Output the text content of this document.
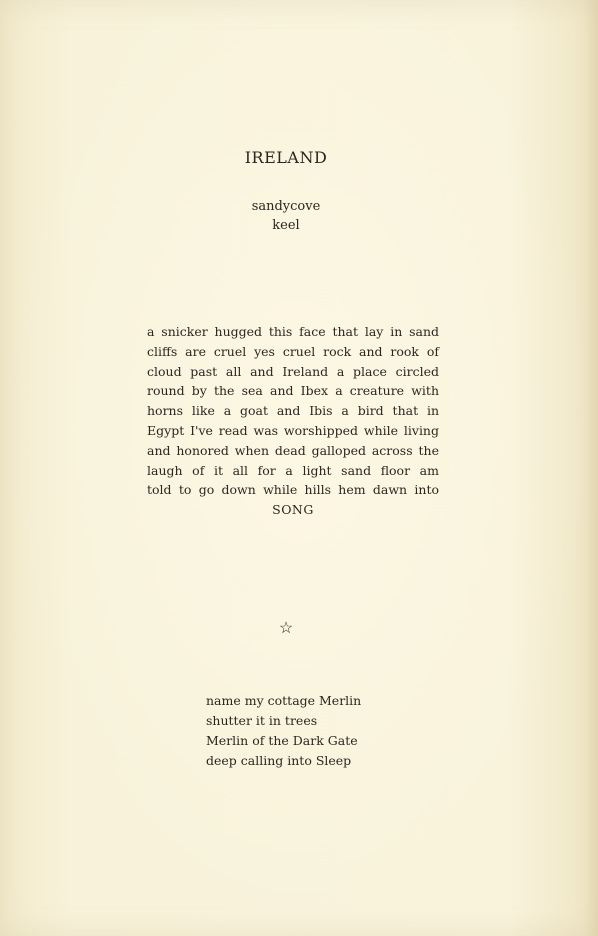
IRELAND
sandycove
keel
a snicker hugged this face that lay in sand
cliffs are cruel yes cruel rock and rook of
cloud past all and Ireland a place circled
round by the sea and Ibex a creature with
horns like a goat and Ibis a bird that in
Egypt I've read was worshipped while living
and honored when dead galloped across the
laugh of it all for a light sand floor am
told to go down while hills hem dawn into
SONG
☆
name my cottage Merlin
shutter it in trees
Merlin of the Dark Gate
deep calling into Sleep
